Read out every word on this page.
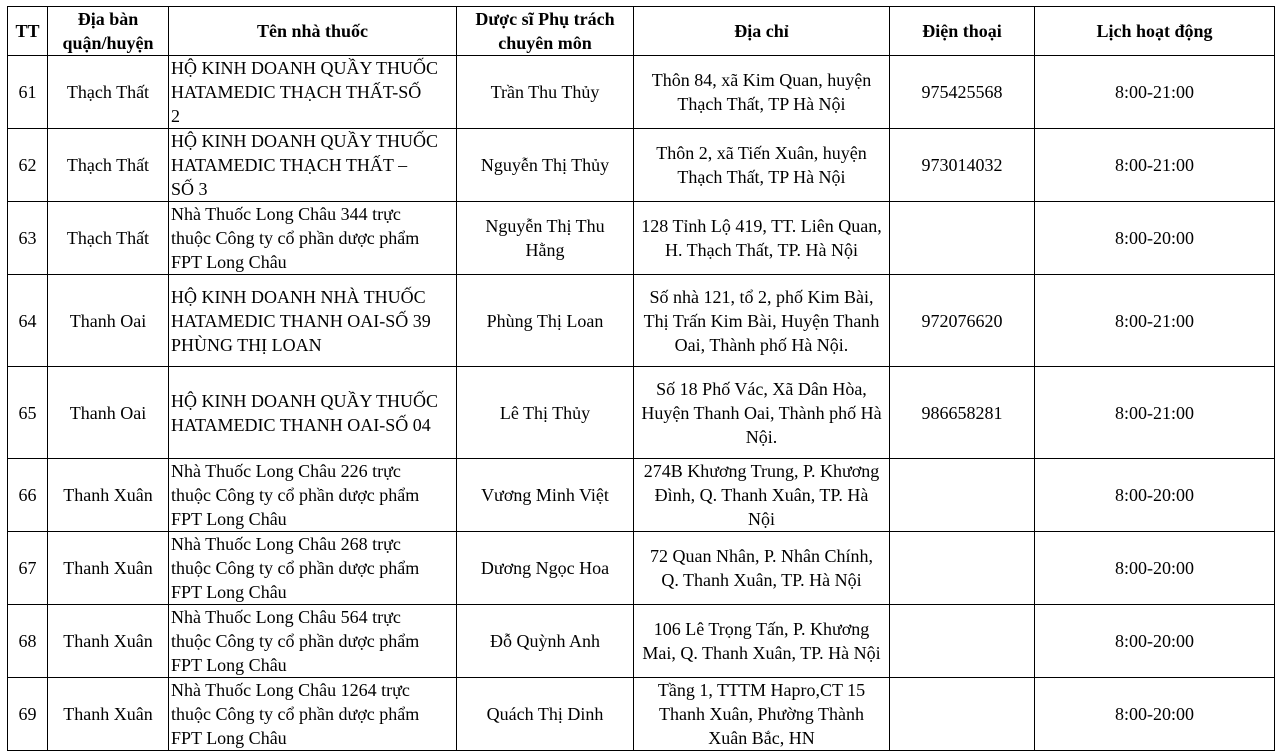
TT	Địa bàn
quận/huyện	Tên nhà thuốc	Dược sĩ Phụ trách
chuyên môn	Địa chỉ	Điện thoại	Lịch hoạt động
61	Thạch Thất	HỘ KINH DOANH QUẦY THUỐC
HATAMEDIC THẠCH THẤT-SỐ
2	Trần Thu Thủy	Thôn 84, xã Kim Quan, huyện
Thạch Thất, TP Hà Nội	975425568	8:00-21:00
62	Thạch Thất	HỘ KINH DOANH QUẦY THUỐC
HATAMEDIC THẠCH THẤT –
SỐ 3	Nguyễn Thị Thủy	Thôn 2, xã Tiến Xuân, huyện
Thạch Thất, TP Hà Nội	973014032	8:00-21:00
63	Thạch Thất	Nhà Thuốc Long Châu 344 trực
thuộc Công ty cổ phần dược phẩm
FPT Long Châu	Nguyễn Thị Thu
Hằng	128 Tỉnh Lộ 419, TT. Liên Quan,
H. Thạch Thất, TP. Hà Nội		8:00-20:00
64	Thanh Oai	HỘ KINH DOANH NHÀ THUỐC
HATAMEDIC THANH OAI-SỐ 39
PHÙNG THỊ LOAN	Phùng Thị Loan	Số nhà 121, tổ 2, phố Kim Bài,
Thị Trấn Kim Bài, Huyện Thanh
Oai, Thành phố Hà Nội.	972076620	8:00-21:00
65	Thanh Oai	HỘ KINH DOANH QUẦY THUỐC
HATAMEDIC THANH OAI-SỐ 04	Lê Thị Thủy	Số 18 Phố Vác, Xã Dân Hòa,
Huyện Thanh Oai, Thành phố Hà
Nội.	986658281	8:00-21:00
66	Thanh Xuân	Nhà Thuốc Long Châu 226 trực
thuộc Công ty cổ phần dược phẩm
FPT Long Châu	Vương Minh Việt	274B Khương Trung, P. Khương
Đình, Q. Thanh Xuân, TP. Hà
Nội		8:00-20:00
67	Thanh Xuân	Nhà Thuốc Long Châu 268 trực
thuộc Công ty cổ phần dược phẩm
FPT Long Châu	Dương Ngọc Hoa	72 Quan Nhân, P. Nhân Chính,
Q. Thanh Xuân, TP. Hà Nội		8:00-20:00
68	Thanh Xuân	Nhà Thuốc Long Châu 564 trực
thuộc Công ty cổ phần dược phẩm
FPT Long Châu	Đỗ Quỳnh Anh	106 Lê Trọng Tấn, P. Khương
Mai, Q. Thanh Xuân, TP. Hà Nội		8:00-20:00
69	Thanh Xuân	Nhà Thuốc Long Châu 1264 trực
thuộc Công ty cổ phần dược phẩm
FPT Long Châu	Quách Thị Dinh	Tầng 1, TTTM Hapro,CT 15
Thanh Xuân, Phường Thành
Xuân Bắc, HN		8:00-20:00
